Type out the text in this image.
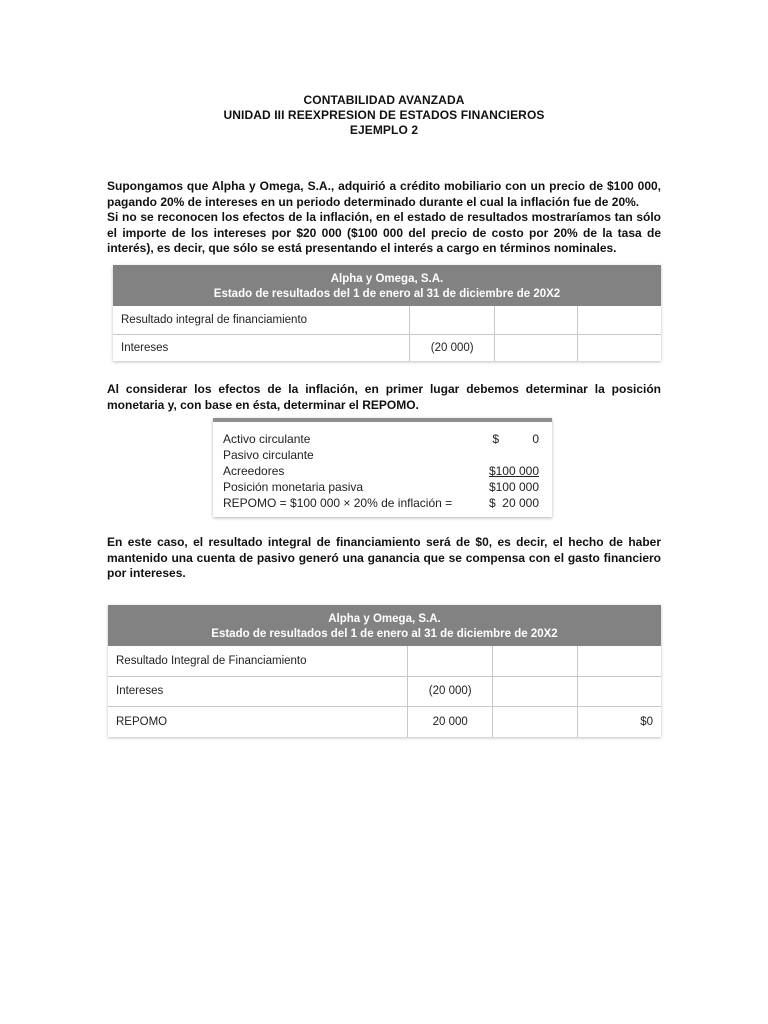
CONTABILIDAD AVANZADA
UNIDAD III REEXPRESION DE ESTADOS FINANCIEROS
EJEMPLO 2

Supongamos que Alpha y Omega, S.A., adquirió a crédito mobiliario con un precio de $100 000, pagando 20% de intereses en un periodo determinado durante el cual la inflación fue de 20%.

Si no se reconocen los efectos de la inflación, en el estado de resultados mostraríamos tan sólo el importe de los intereses por $20 000 ($100 000 del precio de costo por 20% de la tasa de interés), es decir, que sólo se está presentando el interés a cargo en términos nominales.

Alpha y Omega, S.A.
Estado de resultados del 1 de enero al 31 de diciembre de 20X2			

Resultado integral de financiamiento			
Intereses	(20 000)		

Al considerar los efectos de la inflación, en primer lugar debemos determinar la posición monetaria y, con base en ésta, determinar el REPOMO.

Activo circulante	$          0
Pasivo circulante
Acreedores	$100 000
Posición monetaria pasiva	$100 000
REPOMO = $100 000 × 20% de inflación =	$  20 000

En este caso, el resultado integral de financiamiento será de $0, es decir, el hecho de haber mantenido una cuenta de pasivo generó una ganancia que se compensa con el gasto financiero por intereses.

Alpha y Omega, S.A.
Estado de resultados del 1 de enero al 31 de diciembre de 20X2			

Resultado Integral de Financiamiento			
Intereses	(20 000)		
REPOMO	20 000		$0
